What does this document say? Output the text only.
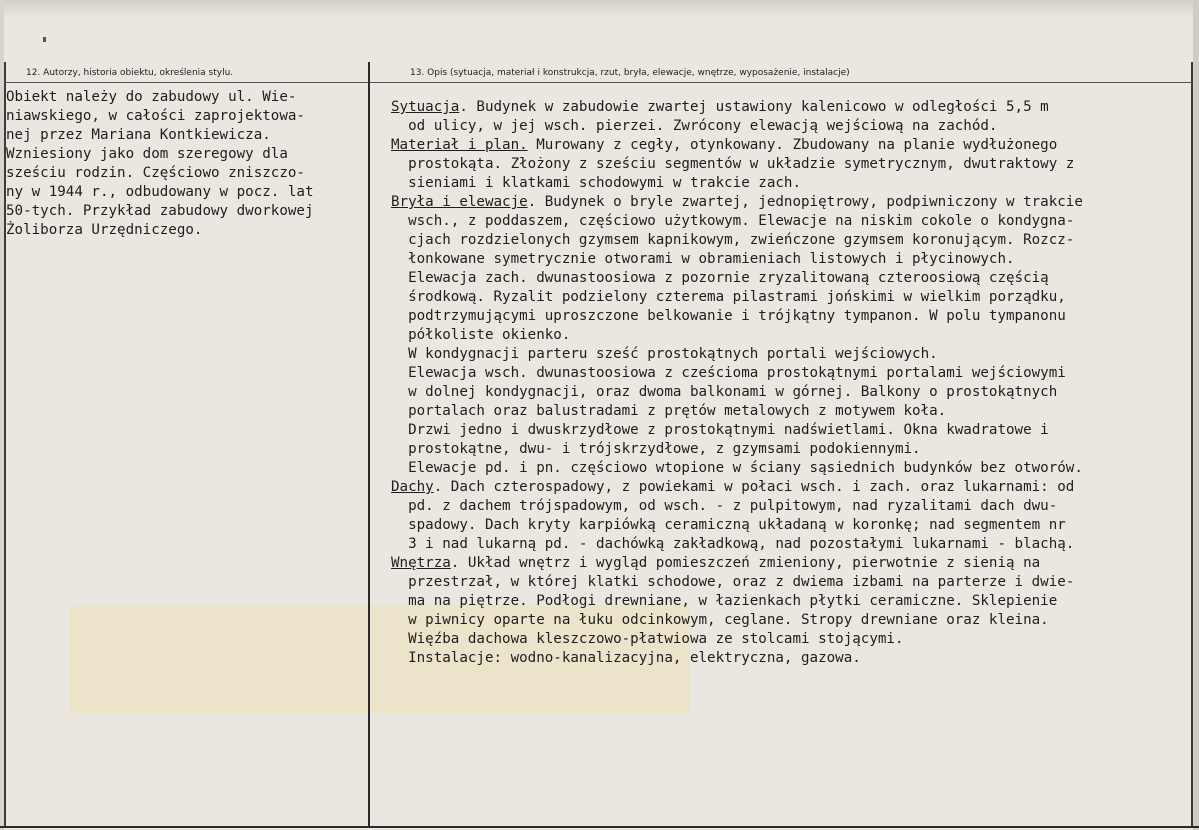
12. Autorzy, historia obiektu, określenia stylu.	13. Opis (sytuacja, materiał i konstrukcja, rzut, bryła, elewacje, wnętrze, wyposażenie, instalacje)

Obiekt należy do zabudowy ul. Wie-

niawskiego, w całości zaprojektowa-

nej przez Mariana Kontkiewicza.

Wzniesiony jako dom szeregowy dla

sześciu rodzin. Częściowo zniszczo-

ny w 1944 r., odbudowany w pocz. lat

50-tych. Przykład zabudowy dworkowej

Żoliborza Urzędniczego.

Sytuacja. Budynek w zabudowie zwartej ustawiony kalenicowo w odległości 5,5 m

od ulicy, w jej wsch. pierzei. Zwrócony elewacją wejściową na zachód.

Materiał i plan. Murowany z cegły, otynkowany. Zbudowany na planie wydłużonego

prostokąta. Złożony z sześciu segmentów w układzie symetrycznym, dwutraktowy z

sieniami i klatkami schodowymi w trakcie zach.

Bryła i elewacje. Budynek o bryle zwartej, jednopiętrowy, podpiwniczony w trakcie

wsch., z poddaszem, częściowo użytkowym. Elewacje na niskim cokole o kondygna-

cjach rozdzielonych gzymsem kapnikowym, zwieńczone gzymsem koronującym. Rozcz-

łonkowane symetrycznie otworami w obramieniach listowych i płycinowych.

Elewacja zach. dwunastoosiowa z pozornie zryzalitowaną czteroosiową częścią

środkową. Ryzalit podzielony czterema pilastrami jońskimi w wielkim porządku,

podtrzymującymi uproszczone belkowanie i trójkątny tympanon. W polu tympanonu

półkoliste okienko.

W kondygnacji parteru sześć prostokątnych portali wejściowych.

Elewacja wsch. dwunastoosiowa z cześcioma prostokątnymi portalami wejściowymi

w dolnej kondygnacji, oraz dwoma balkonami w górnej. Balkony o prostokątnych

portalach oraz balustradami z prętów metalowych z motywem koła.

Drzwi jedno i dwuskrzydłowe z prostokątnymi nadświetlami. Okna kwadratowe i

prostokątne, dwu- i trójskrzydłowe, z gzymsami podokiennymi.

Elewacje pd. i pn. częściowo wtopione w ściany sąsiednich budynków bez otworów.

Dachy. Dach czterospadowy, z powiekami w połaci wsch. i zach. oraz lukarnami: od

pd. z dachem trójspadowym, od wsch. - z pulpitowym, nad ryzalitami dach dwu-

spadowy. Dach kryty karpiówką ceramiczną układaną w koronkę; nad segmentem nr

3 i nad lukarną pd. - dachówką zakładkową, nad pozostałymi lukarnami - blachą.

Wnętrza. Układ wnętrz i wygląd pomieszczeń zmieniony, pierwotnie z sienią na

przestrzał, w której klatki schodowe, oraz z dwiema izbami na parterze i dwie-

ma na piętrze. Podłogi drewniane, w łazienkach płytki ceramiczne. Sklepienie

w piwnicy oparte na łuku odcinkowym, ceglane. Stropy drewniane oraz kleina.

Więźba dachowa kleszczowo-płatwiowa ze stolcami stojącymi.

Instalacje: wodno-kanalizacyjna, elektryczna, gazowa.
